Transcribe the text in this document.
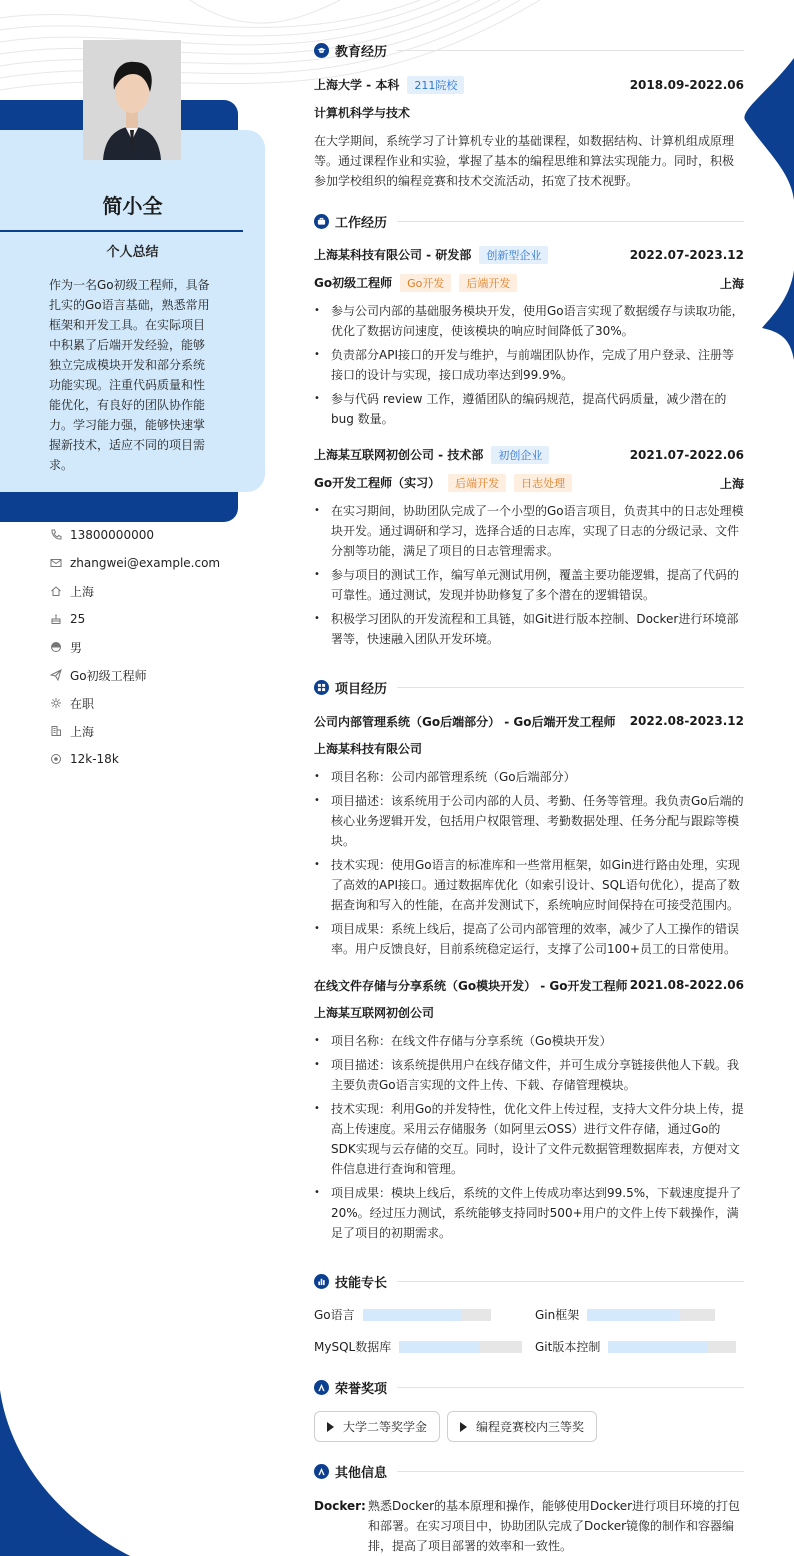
简小全
个人总结
作为一名Go初级工程师，具备扎实的Go语言基础，熟悉常用框架和开发工具。在实际项目中积累了后端开发经验，能够独立完成模块开发和部分系统功能实现。注重代码质量和性能优化，有良好的团队协作能力。学习能力强，能够快速掌握新技术，适应不同的项目需求。
13800000000
zhangwei@example.com
上海
25
男
Go初级工程师
在职
上海
12k-18k
教育经历
上海大学 - 本科 211院校	2018.09-2022.06
计算机科学与技术
在大学期间，系统学习了计算机专业的基础课程，如数据结构、计算机组成原理等。通过课程作业和实验，掌握了基本的编程思维和算法实现能力。同时，积极参加学校组织的编程竞赛和技术交流活动，拓宽了技术视野。
工作经历
上海某科技有限公司 - 研发部 创新型企业	2022.07-2023.12
Go初级工程师 Go开发 后端开发	上海
• 参与公司内部的基础服务模块开发，使用Go语言实现了数据缓存与读取功能，优化了数据访问速度，使该模块的响应时间降低了30%。
• 负责部分API接口的开发与维护，与前端团队协作，完成了用户登录、注册等接口的设计与实现，接口成功率达到99.9%。
• 参与代码 review 工作，遵循团队的编码规范，提高代码质量，减少潜在的bug 数量。
上海某互联网初创公司 - 技术部 初创企业	2021.07-2022.06
Go开发工程师（实习） 后端开发 日志处理	上海
• 在实习期间，协助团队完成了一个小型的Go语言项目，负责其中的日志处理模块开发。通过调研和学习，选择合适的日志库，实现了日志的分级记录、文件分割等功能，满足了项目的日志管理需求。
• 参与项目的测试工作，编写单元测试用例，覆盖主要功能逻辑，提高了代码的可靠性。通过测试，发现并协助修复了多个潜在的逻辑错误。
• 积极学习团队的开发流程和工具链，如Git进行版本控制、Docker进行环境部署等，快速融入团队开发环境。
项目经历
公司内部管理系统（Go后端部分） - Go后端开发工程师 2022.08-2023.12
上海某科技有限公司
• 项目名称：公司内部管理系统（Go后端部分）
• 项目描述：该系统用于公司内部的人员、考勤、任务等管理。我负责Go后端的核心业务逻辑开发，包括用户权限管理、考勤数据处理、任务分配与跟踪等模块。
• 技术实现：使用Go语言的标准库和一些常用框架，如Gin进行路由处理，实现了高效的API接口。通过数据库优化（如索引设计、SQL语句优化），提高了数据查询和写入的性能，在高并发测试下，系统响应时间保持在可接受范围内。
• 项目成果：系统上线后，提高了公司内部管理的效率，减少了人工操作的错误率。用户反馈良好，目前系统稳定运行，支撑了公司100+员工的日常使用。
在线文件存储与分享系统（Go模块开发） - Go开发工程师 2021.08-2022.06
上海某互联网初创公司
• 项目名称：在线文件存储与分享系统（Go模块开发）
• 项目描述：该系统提供用户在线存储文件，并可生成分享链接供他人下载。我主要负责Go语言实现的文件上传、下载、存储管理模块。
• 技术实现：利用Go的并发特性，优化文件上传过程，支持大文件分块上传，提高上传速度。采用云存储服务（如阿里云OSS）进行文件存储，通过Go的SDK实现与云存储的交互。同时，设计了文件元数据管理数据库表，方便对文件信息进行查询和管理。
• 项目成果：模块上线后，系统的文件上传成功率达到99.5%，下载速度提升了20%。经过压力测试，系统能够支持同时500+用户的文件上传下载操作，满足了项目的初期需求。
技能专长
Go语言	Gin框架
MySQL数据库	Git版本控制
荣誉奖项
大学二等奖学金	编程竞赛校内三等奖
其他信息
Docker: 熟悉Docker的基本原理和操作，能够使用Docker进行项目环境的打包和部署。在实习项目中，协助团队完成了Docker镜像的制作和容器编排，提高了项目部署的效率和一致性。
